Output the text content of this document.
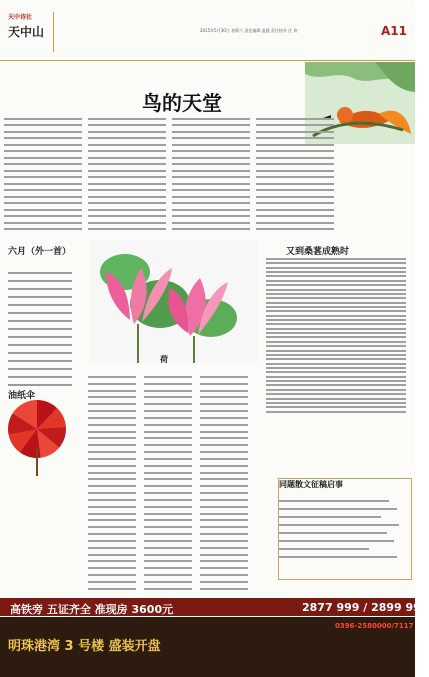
天中诗社
天中山	2015年5月30日 星期六 责任编辑 温健 责任校对 任 欢	A11
鸟的天堂
六月（外一首）
荷
油纸伞
又到桑葚成熟时
同题散文征稿启事
高铁旁 五证齐全 准现房 3600元	2877 999 / 2899 996
明珠港湾 3 号楼 盛装开盘
0396-2580000/7117
